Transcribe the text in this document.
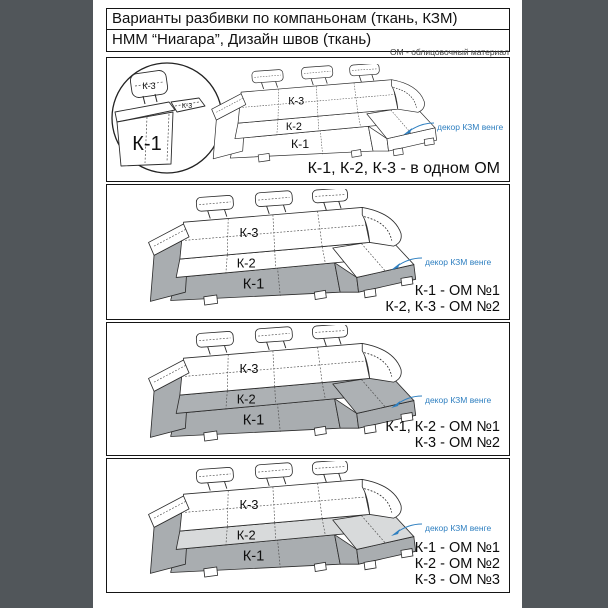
Варианты разбивки по компаньонам (ткань, КЗМ)
НММ “Ниагара”, Дизайн швов (ткань)
ОМ - облицовочный материал
К-3
К-3
К-1
К-3
К-2
К-1
декор КЗМ венге
К-1, К-2, К-3 - в одном ОМ
К-3
К-2
К-1
декор КЗМ венге
К-1 - ОМ №1
К-2, К-3 - ОМ №2
К-3
К-2
К-1
декор КЗМ венге
К-1, К-2 - ОМ №1
К-3 - ОМ №2
К-3
К-2
К-1
декор КЗМ венге
К-1 - ОМ №1
К-2 - ОМ №2
К-3 - ОМ №3
